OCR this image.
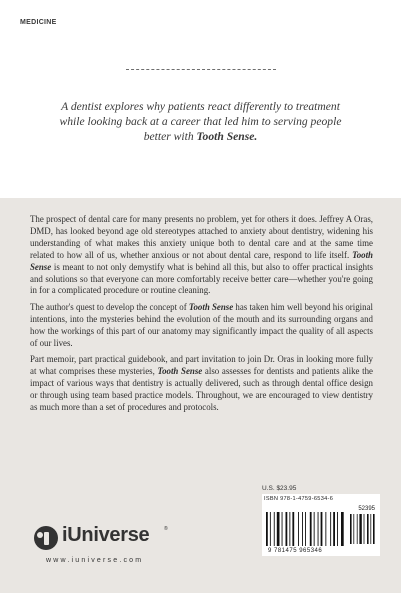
MEDICINE
A dentist explores why patients react differently to treatment
while looking back at a career that led him to serving people
better with Tooth Sense.

The prospect of dental care for many presents no problem, yet for others it does. Jeffrey A Oras, DMD, has looked beyond age old stereotypes attached to anxiety about dentistry, widening his understanding of what makes this anxiety unique both to dental care and at the same time related to how all of us, whether anxious or not about dental care, respond to life itself. Tooth Sense is meant to not only demystify what is behind all this, but also to offer practical insights and solutions so that everyone can more comfortably receive better care—whether you're going in for a complicated procedure or routine cleaning.

The author's quest to develop the concept of Tooth Sense has taken him well beyond his original intentions, into the mysteries behind the evolution of the mouth and its surrounding organs and how the workings of this part of our anatomy may significantly impact the quality of all aspects of our lives.

Part memoir, part practical guidebook, and part invitation to join Dr. Oras in looking more fully at what comprises these mysteries, Tooth Sense also assesses for dentists and patients alike the impact of various ways that dentistry is actually delivered, such as through dental office design or through using team based practice models. Throughout, we are encouraged to view dentistry as much more than a set of procedures and protocols.

U.S. $23.95
ISBN 978-1-4759-6534-6
52395
9 781475 965346
iUniverse	®
www.iuniverse.com
